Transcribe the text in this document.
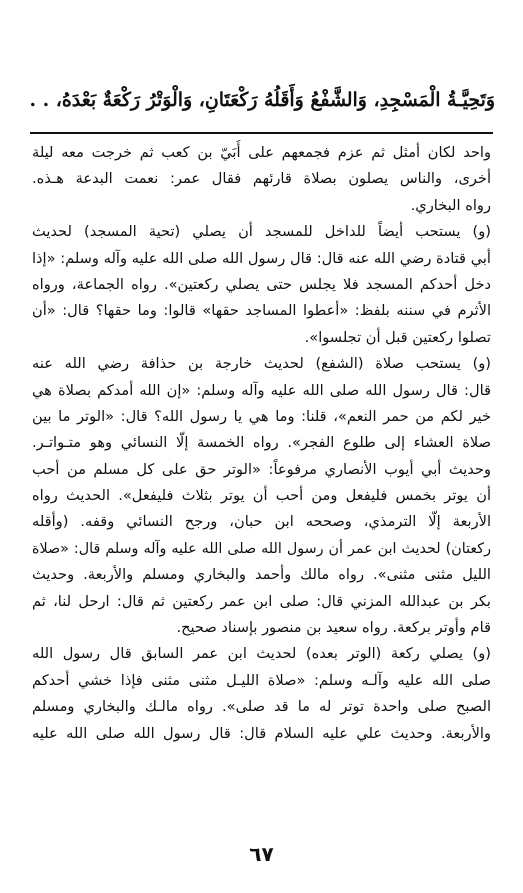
وَتَحِيَّـةُ الْمَسْجِدِ، وَالشَّفْعُ وَأَقَلُهُ رَكْعَتَانِ، وَالْوَتْرُ رَكْعَةٌ بَعْدَهُ، . .
واحد لكان أمثل ثم عزم فجمعهم على أُبَيّ بن كعب ثم خرجت معه ليلة
أخرى، والناس يصلون بصلاة قارئهم فقال عمر: نعمت البدعة هـذه.
رواه البخاري.
(و) يستحب أيضاً للداخل للمسجد أن يصلي (تحية المسجد) لحديث
أبي قتادة رضي الله عنه قال: قال رسول الله صلى الله عليه وآله وسلم: «إذا
دخل أحدكم المسجد فلا يجلس حتى يصلي ركعتين». رواه الجماعة، ورواه
الأثرم في سننه بلفظ: «أعطوا المساجد حقها» قالوا: وما حقها؟ قال: «أن
تصلوا ركعتين قبل أن تجلسوا».
(و) يستحب صلاة (الشفع) لحديث خارجة بن حذافة رضي الله عنه
قال: قال رسول الله صلى الله عليه وآله وسلم: «إن الله أمدكم بصلاة هي
خير لكم من حمر النعم»، قلنا: وما هي يا رسول الله؟ قال: «الوتر ما بين
صلاة العشاء إلى طلوع الفجر». رواه الخمسة إلّا النسائي وهو متـواتـر.
وحديث أبي أيوب الأنصاري مرفوعاً: «الوتر حق على كل مسلم من أحب
أن يوتر بخمس فليفعل ومن أحب أن يوتر بثلاث فليفعل». الحديث رواه
الأربعة إلّا الترمذي، وصححه ابن حبان، ورجح النسائي وقفه. (وأقله
ركعتان) لحديث ابن عمر أن رسول الله صلى الله عليه وآله وسلم قال: «صلاة
الليل مثنى مثنى». رواه مالك وأحمد والبخاري ومسلم والأربعة. وحديث
بكر بن عبدالله المزني قال: صلى ابن عمر ركعتين ثم قال: ارحل لنا، ثم
قام وأوتر بركعة. رواه سعيد بن منصور بإسناد صحيح.
(و) يصلي ركعة (الوتر بعده) لحديث ابن عمر السابق قال رسول الله
صلى الله عليه وآلـه وسلم: «صلاة الليـل مثنى مثنى فإذا خشي أحدكم
الصبح صلى واحدة توتر له ما قد صلى». رواه مالـك والبخاري ومسلم
والأربعة. وحديث علي عليه السلام قال: قال رسول الله صلى الله عليه
٦٧
